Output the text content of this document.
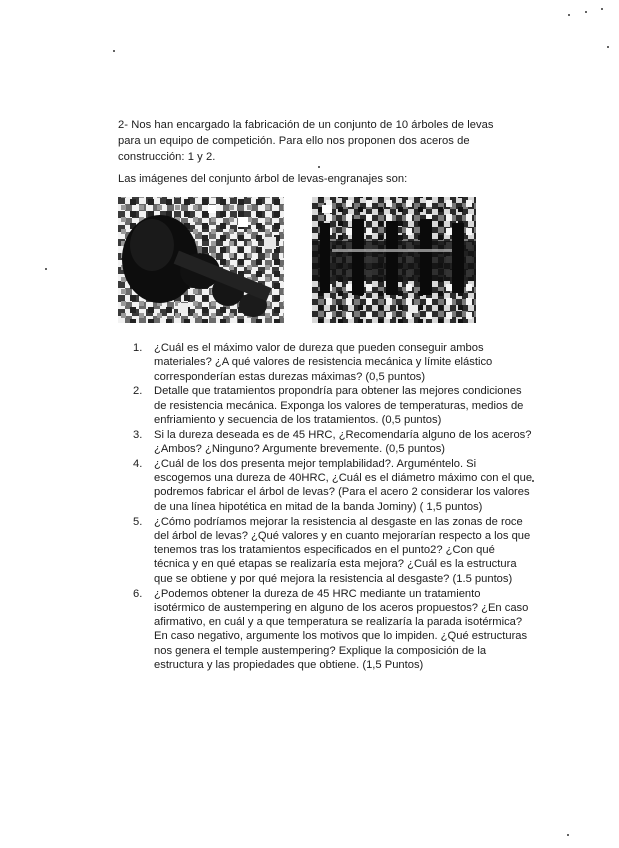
2- Nos han encargado la fabricación de un conjunto de 10 árboles de levas para un equipo de competición. Para ello nos proponen dos aceros de construcción: 1 y 2.

Las imágenes del conjunto árbol de levas-engranajes son:

1. ¿Cuál es el máximo valor de dureza que pueden conseguir ambos materiales? ¿A qué valores de resistencia mecánica y límite elástico corresponderían estas durezas máximas? (0,5 puntos)
2. Detalle que tratamientos propondría para obtener las mejores condiciones de resistencia mecánica. Exponga los valores de temperaturas, medios de enfriamiento y secuencia de los tratamientos. (0,5 puntos)
3. Si la dureza deseada es de 45 HRC, ¿Recomendaría alguno de los aceros? ¿Ambos? ¿Ninguno? Argumente brevemente. (0,5 puntos)
4. ¿Cuál de los dos presenta mejor templabilidad?. Arguméntelo. Si escogemos una dureza de 40HRC, ¿Cuál es el diámetro máximo con el que podremos fabricar el árbol de levas? (Para el acero 2 considerar los valores de una línea hipotética en mitad de la banda Jominy) ( 1,5 puntos)
5. ¿Cómo podríamos mejorar la resistencia al desgaste en las zonas de roce del árbol de levas? ¿Qué valores y en cuanto mejorarían respecto a los que tenemos tras los tratamientos especificados en el punto2? ¿Con qué técnica y en qué etapas se realizaría esta mejora? ¿Cuál es la estructura que se obtiene y por qué mejora la resistencia al desgaste? (1.5 puntos)
6. ¿Podemos obtener la dureza de 45 HRC mediante un tratamiento isotérmico de austempering en alguno de los aceros propuestos? ¿En caso afirmativo, en cuál y a que temperatura se realizaría la parada isotérmica? En caso negativo, argumente los motivos que lo impiden. ¿Qué estructuras nos genera el temple austempering? Explique la composición de la estructura y las propiedades que obtiene. (1,5 Puntos)
